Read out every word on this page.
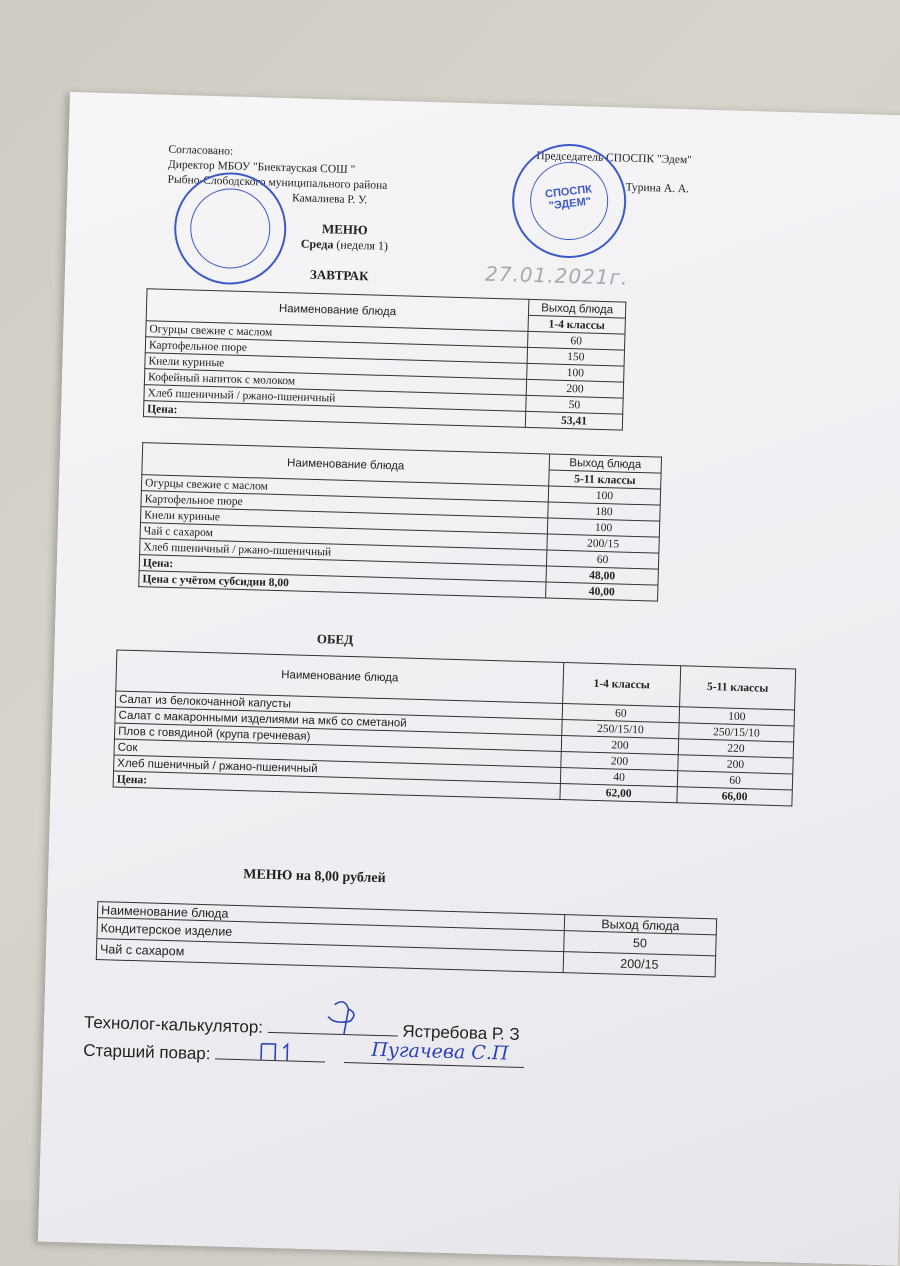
Согласовано:
Директор МБОУ "Биектауская СОШ "
Рыбно-Слободского муниципального района
Камалиева Р. У.
Председатель СПОСПК "Эдем"
Турина А. А.
СПОСПК "ЭДЕМ"
МЕНЮ
Среда (неделя 1)
ЗАВТРАК	27.01.2021г.
Наименование блюда	Выход блюда
	1-4 классы
Огурцы свежие с маслом	60
Картофельное пюре	150
Кнели куриные	100
Кофейный напиток с молоком	200
Хлеб пшеничный / ржано-пшеничный	50
Цена:	53,41
Наименование блюда	Выход блюда
	5-11 классы
Огурцы свежие с маслом	100
Картофельное пюре	180
Кнели куриные	100
Чай с сахаром	200/15
Хлеб пшеничный / ржано-пшеничный	60
Цена:	48,00
Цена с учётом субсидии 8,00	40,00
ОБЕД
Наименование блюда	1-4 классы	5-11 классы
Салат из белокочанной капусты	60	100
Салат с макаронными изделиями на мкб со сметаной	250/15/10	250/15/10
Плов с говядиной (крупа гречневая)	200	220
Сок	200	200
Хлеб пшеничный / ржано-пшеничный	40	60
Цена:	62,00	66,00
МЕНЮ на 8,00 рублей
Наименование блюда	Выход блюда
Кондитерское изделие	50
Чай с сахаром	200/15
Технолог-калькулятор:	Ястребова Р. З
Старший повар:	Пугачева С.П
